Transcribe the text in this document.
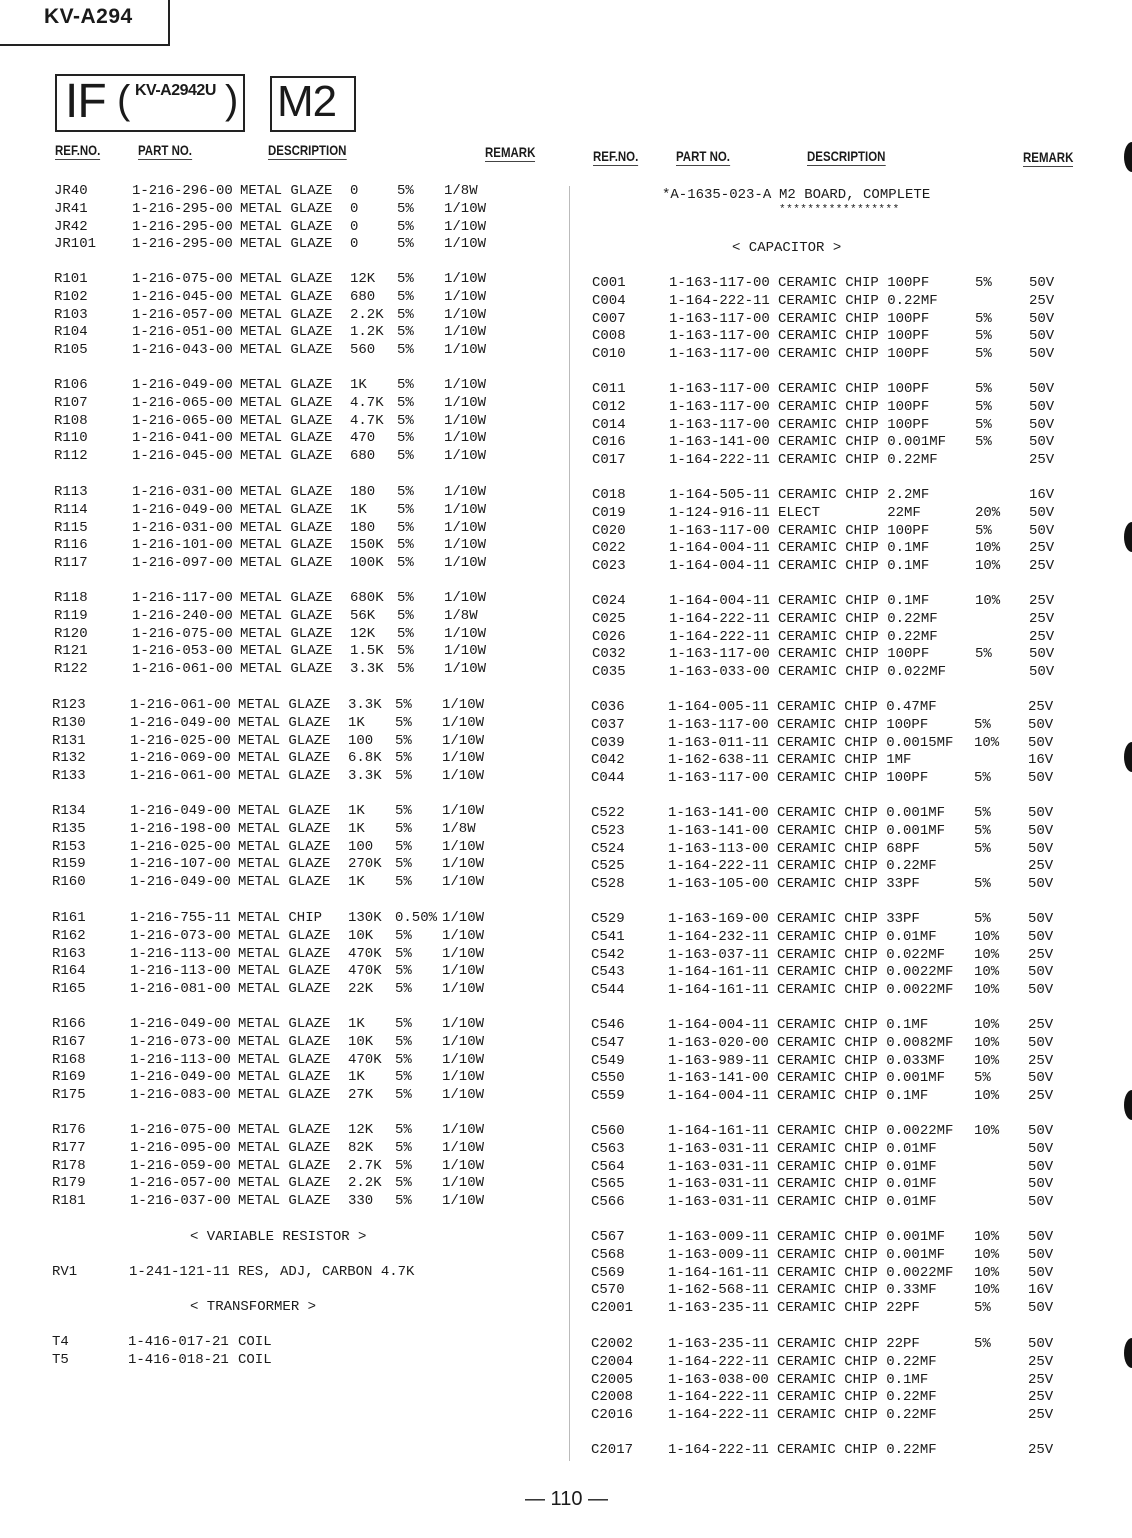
KV-A294
IF ( KV-A2942U ) M2
REF.NO.	PART NO.	DESCRIPTION	REMARK	REF.NO.	PART NO.	DESCRIPTION	REMARK
JR40	1-216-296-00 METAL GLAZE 0	5% 1/8W
JR41	1-216-295-00 METAL GLAZE 0	5% 1/10W
JR42	1-216-295-00 METAL GLAZE 0	5% 1/10W
JR101	1-216-295-00 METAL GLAZE 0	5% 1/10W
R101	1-216-075-00 METAL GLAZE 12K 5% 1/10W
R102	1-216-045-00 METAL GLAZE 680 5% 1/10W
R103	1-216-057-00 METAL GLAZE 2.2K 5% 1/10W
R104	1-216-051-00 METAL GLAZE 1.2K 5% 1/10W
R105	1-216-043-00 METAL GLAZE 560 5% 1/10W
R106	1-216-049-00 METAL GLAZE 1K 5% 1/10W
R107	1-216-065-00 METAL GLAZE 4.7K 5% 1/10W
R108	1-216-065-00 METAL GLAZE 4.7K 5% 1/10W
R110	1-216-041-00 METAL GLAZE 470 5% 1/10W
R112	1-216-045-00 METAL GLAZE 680 5% 1/10W
R113	1-216-031-00 METAL GLAZE 180 5% 1/10W
R114	1-216-049-00 METAL GLAZE 1K 5% 1/10W
R115	1-216-031-00 METAL GLAZE 180 5% 1/10W
R116	1-216-101-00 METAL GLAZE 150K 5% 1/10W
R117	1-216-097-00 METAL GLAZE 100K 5% 1/10W
R118	1-216-117-00 METAL GLAZE 680K 5% 1/10W
R119	1-216-240-00 METAL GLAZE 56K 5% 1/8W
R120	1-216-075-00 METAL GLAZE 12K 5% 1/10W
R121	1-216-053-00 METAL GLAZE 1.5K 5% 1/10W
R122	1-216-061-00 METAL GLAZE 3.3K 5% 1/10W
R123	1-216-061-00 METAL GLAZE 3.3K 5% 1/10W
R130	1-216-049-00 METAL GLAZE 1K 5% 1/10W
R131	1-216-025-00 METAL GLAZE 100 5% 1/10W
R132	1-216-069-00 METAL GLAZE 6.8K 5% 1/10W
R133	1-216-061-00 METAL GLAZE 3.3K 5% 1/10W
R134	1-216-049-00 METAL GLAZE 1K 5% 1/10W
R135	1-216-198-00 METAL GLAZE 1K 5% 1/8W
R153	1-216-025-00 METAL GLAZE 100 5% 1/10W
R159	1-216-107-00 METAL GLAZE 270K 5% 1/10W
R160	1-216-049-00 METAL GLAZE 1K 5% 1/10W
R161	1-216-755-11 METAL CHIP 130K 0.50% 1/10W
R162	1-216-073-00 METAL GLAZE 10K 5% 1/10W
R163	1-216-113-00 METAL GLAZE 470K 5% 1/10W
R164	1-216-113-00 METAL GLAZE 470K 5% 1/10W
R165	1-216-081-00 METAL GLAZE 22K 5% 1/10W
R166	1-216-049-00 METAL GLAZE 1K 5% 1/10W
R167	1-216-073-00 METAL GLAZE 10K 5% 1/10W
R168	1-216-113-00 METAL GLAZE 470K 5% 1/10W
R169	1-216-049-00 METAL GLAZE 1K 5% 1/10W
R175	1-216-083-00 METAL GLAZE 27K 5% 1/10W
R176	1-216-075-00 METAL GLAZE 12K 5% 1/10W
R177	1-216-095-00 METAL GLAZE 82K 5% 1/10W
R178	1-216-059-00 METAL GLAZE 2.7K 5% 1/10W
R179	1-216-057-00 METAL GLAZE 2.2K 5% 1/10W
R181	1-216-037-00 METAL GLAZE 330 5% 1/10W
< VARIABLE RESISTOR >
RV1	1-241-121-11 RES, ADJ, CARBON 4.7K
< TRANSFORMER >
T4	1-416-017-21 COIL
T5	1-416-018-21 COIL
*A-1635-023-A M2 BOARD, COMPLETE
*****************
< CAPACITOR >
C001	1-163-117-00 CERAMIC CHIP 100PF	5%	50V
C004	1-164-222-11 CERAMIC CHIP 0.22MF	25V
C007	1-163-117-00 CERAMIC CHIP 100PF	5%	50V
C008	1-163-117-00 CERAMIC CHIP 100PF	5%	50V
C010	1-163-117-00 CERAMIC CHIP 100PF	5%	50V
C011	1-163-117-00 CERAMIC CHIP 100PF	5%	50V
C012	1-163-117-00 CERAMIC CHIP 100PF	5%	50V
C014	1-163-117-00 CERAMIC CHIP 100PF	5%	50V
C016	1-163-141-00 CERAMIC CHIP 0.001MF 5%	50V
C017	1-164-222-11 CERAMIC CHIP 0.22MF	25V
C018	1-164-505-11 CERAMIC CHIP 2.2MF	16V
C019	1-124-916-11 ELECT        22MF	20% 50V
C020	1-163-117-00 CERAMIC CHIP 100PF	5%	50V
C022	1-164-004-11 CERAMIC CHIP 0.1MF	10% 25V
C023	1-164-004-11 CERAMIC CHIP 0.1MF	10% 25V
C024	1-164-004-11 CERAMIC CHIP 0.1MF	10% 25V
C025	1-164-222-11 CERAMIC CHIP 0.22MF	25V
C026	1-164-222-11 CERAMIC CHIP 0.22MF	25V
C032	1-163-117-00 CERAMIC CHIP 100PF	5%	50V
C035	1-163-033-00 CERAMIC CHIP 0.022MF	50V
C036	1-164-005-11 CERAMIC CHIP 0.47MF	25V
C037	1-163-117-00 CERAMIC CHIP 100PF	5%	50V
C039	1-163-011-11 CERAMIC CHIP 0.0015MF 10% 50V
C042	1-162-638-11 CERAMIC CHIP 1MF	16V
C044	1-163-117-00 CERAMIC CHIP 100PF	5%	50V
C522	1-163-141-00 CERAMIC CHIP 0.001MF 5%	50V
C523	1-163-141-00 CERAMIC CHIP 0.001MF 5%	50V
C524	1-163-113-00 CERAMIC CHIP 68PF	5%	50V
C525	1-164-222-11 CERAMIC CHIP 0.22MF	25V
C528	1-163-105-00 CERAMIC CHIP 33PF	5%	50V
C529	1-163-169-00 CERAMIC CHIP 33PF	5%	50V
C541	1-164-232-11 CERAMIC CHIP 0.01MF	10% 50V
C542	1-163-037-11 CERAMIC CHIP 0.022MF 10% 25V
C543	1-164-161-11 CERAMIC CHIP 0.0022MF 10% 50V
C544	1-164-161-11 CERAMIC CHIP 0.0022MF 10% 50V
C546	1-164-004-11 CERAMIC CHIP 0.1MF	10% 25V
C547	1-163-020-00 CERAMIC CHIP 0.0082MF 10% 50V
C549	1-163-989-11 CERAMIC CHIP 0.033MF 10% 25V
C550	1-163-141-00 CERAMIC CHIP 0.001MF 5%	50V
C559	1-164-004-11 CERAMIC CHIP 0.1MF	10% 25V
C560	1-164-161-11 CERAMIC CHIP 0.0022MF 10% 50V
C563	1-163-031-11 CERAMIC CHIP 0.01MF	50V
C564	1-163-031-11 CERAMIC CHIP 0.01MF	50V
C565	1-163-031-11 CERAMIC CHIP 0.01MF	50V
C566	1-163-031-11 CERAMIC CHIP 0.01MF	50V
C567	1-163-009-11 CERAMIC CHIP 0.001MF 10% 50V
C568	1-163-009-11 CERAMIC CHIP 0.001MF 10% 50V
C569	1-164-161-11 CERAMIC CHIP 0.0022MF 10% 50V
C570	1-162-568-11 CERAMIC CHIP 0.33MF	10% 16V
C2001 1-163-235-11 CERAMIC CHIP 22PF	5%	50V
C2002 1-163-235-11 CERAMIC CHIP 22PF	5%	50V
C2004 1-164-222-11 CERAMIC CHIP 0.22MF	25V
C2005 1-163-038-00 CERAMIC CHIP 0.1MF	25V
C2008 1-164-222-11 CERAMIC CHIP 0.22MF	25V
C2016 1-164-222-11 CERAMIC CHIP 0.22MF	25V
C2017 1-164-222-11 CERAMIC CHIP 0.22MF	25V
— 110 —
